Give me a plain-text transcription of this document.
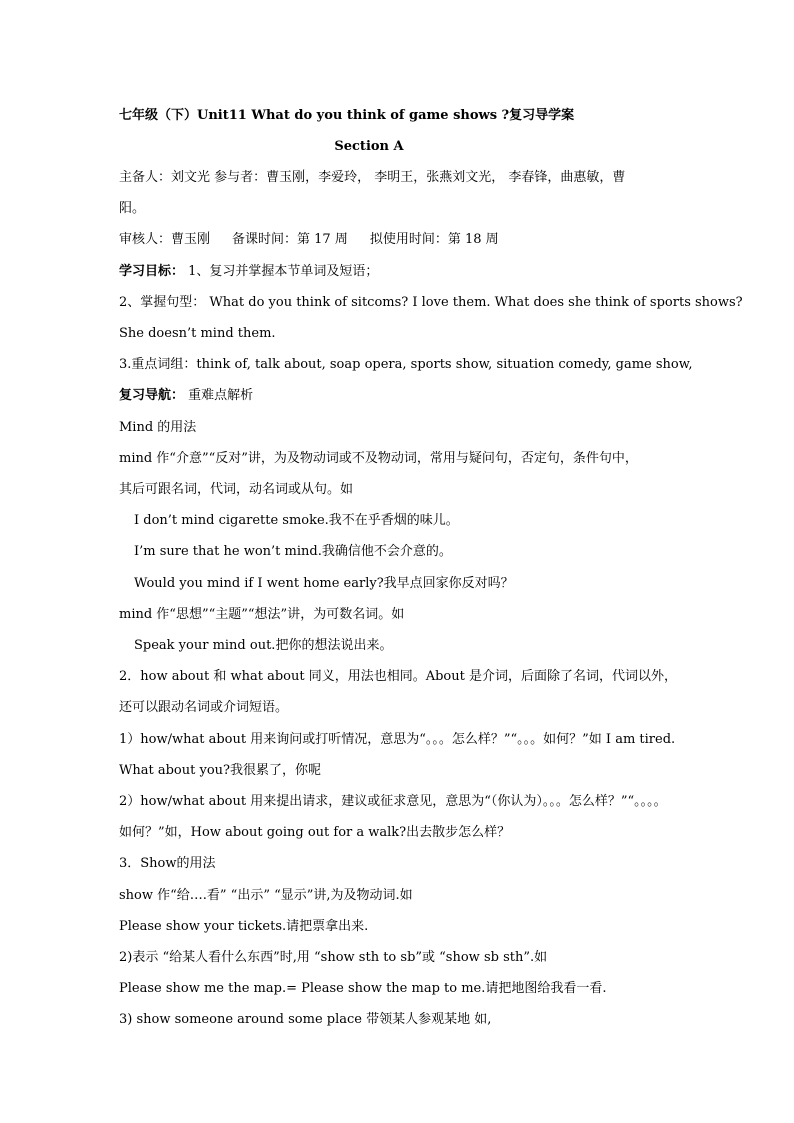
七年级（下）Unit11 What do you think of game shows ?复习导学案
Section A
主备人：刘文光 参与者：曹玉刚，李爱玲， 李明王，张燕刘文光， 李春锋，曲惠敏，曹
阳。
审核人：曹玉刚 备课时间：第 17 周 拟使用时间：第 18 周
学习目标： 1、复习并掌握本节单词及短语；
2、掌握句型： What do you think of sitcoms? I love them. What does she think of sports shows?
She doesn’t mind them.
3.重点词组：think of, talk about, soap opera, sports show, situation comedy, game show,
复习导航： 重难点解析
Mind 的用法
mind 作“介意”“反对”讲，为及物动词或不及物动词，常用与疑问句，否定句，条件句中，
其后可跟名词，代词，动名词或从句。如
I don’t mind cigarette smoke.我不在乎香烟的味儿。
I’m sure that he won’t mind.我确信他不会介意的。
Would you mind if I went home early?我早点回家你反对吗？
mind 作“思想”“主题”“想法”讲，为可数名词。如
Speak your mind out.把你的想法说出来。
2．how about 和 what about 同义，用法也相同。About 是介词，后面除了名词，代词以外，
还可以跟动名词或介词短语。
1）how/what about 用来询问或打听情况，意思为“。。。怎么样？”“。。。如何？”如 I am tired.
What about you?我很累了，你呢
2）how/what about 用来提出请求，建议或征求意见，意思为“（你认为）。。。怎么样？”“。。。。
如何？”如，How about going out for a walk?出去散步怎么样？
3．Show的用法
show 作“给….看” “出示” “显示”讲,为及物动词.如
Please show your tickets.请把票拿出来.
2)表示 “给某人看什么东西”时,用 “show sth to sb”或 “show sb sth”.如
Please show me the map.= Please show the map to me.请把地图给我看一看.
3) show someone around some place 带领某人参观某地 如,
